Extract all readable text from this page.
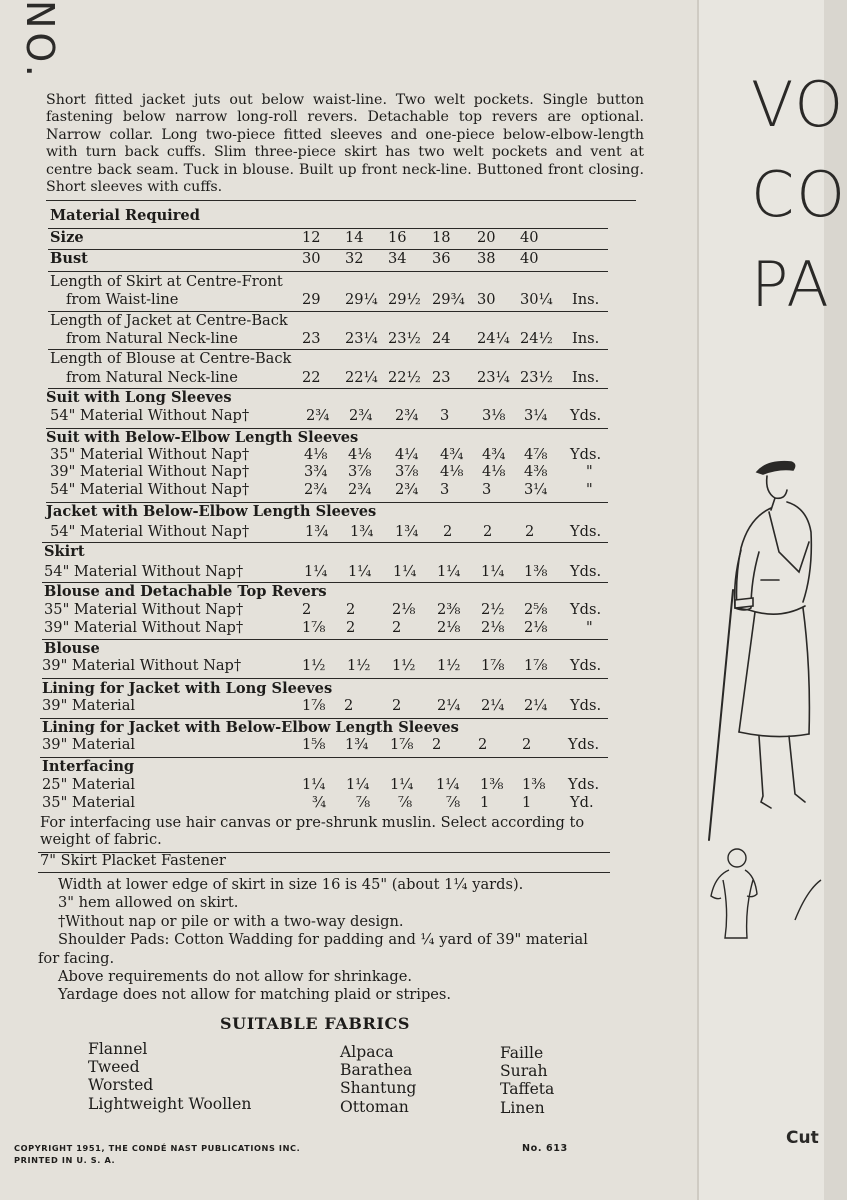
NO.
Short fitted jacket juts out below waist-line. Two welt pockets. Single button fastening below narrow long-roll revers. Detachable top revers are optional. Narrow collar. Long two-piece fitted sleeves and one-piece below-elbow-length with turn back cuffs. Slim three-piece skirt has two welt pockets and vent at centre back seam. Tuck in blouse. Built up front neck-line. Buttoned front closing. Short sleeves with cuffs.
Material Required
Size	12	14	16	18	20	40
Bust	30	32	34	36	38	40
Length of Skirt at Centre-Front
from Waist-line	29	29¼ 29½ 29¾ 30	30¼	Ins.
Length of Jacket at Centre-Back
from Natural Neck-line	23	23¼ 23½ 24	24¼ 24½	Ins.
Length of Blouse at Centre-Back
from Natural Neck-line	22	22¼ 22½ 23	23¼ 23½	Ins.
Suit with Long Sleeves
54" Material Without Nap†	2¾	2¾	2¾	3	3⅛	3¼	Yds.
Suit with Below-Elbow Length Sleeves
35" Material Without Nap†	4⅛	4⅛	4¼	4¾	4¾	4⅞	Yds.
39" Material Without Nap†	3¾	3⅞	3⅞	4⅛	4⅛	4⅜	"
54" Material Without Nap†	2¾	2¾	2¾	3	3	3¼	"
Jacket with Below-Elbow Length Sleeves
54" Material Without Nap†	1¾	1¾	1¾	2	2	2	Yds.
Skirt
54" Material Without Nap†	1¼	1¼	1¼	1¼	1¼	1⅜	Yds.
Blouse and Detachable Top Revers
35" Material Without Nap†	2	2	2⅛	2⅜	2½	2⅝	Yds.
39" Material Without Nap†	1⅞	2	2	2⅛	2⅛	2⅛	"
Blouse
39" Material Without Nap†	1½	1½	1½	1½	1⅞	1⅞	Yds.
Lining for Jacket with Long Sleeves
39" Material	1⅞	2	2	2¼	2¼	2¼	Yds.
Lining for Jacket with Below-Elbow Length Sleeves
39" Material	1⅝	1¾	1⅞	2	2	2	Yds.
Interfacing
25" Material	1¼	1¼	1¼	1¼	1⅜	1⅜	Yds.
35" Material	¾	⅞	⅞	⅞	1	1	Yd.
For interfacing use hair canvas or pre-shrunk muslin. Select according to weight of fabric.
7" Skirt Placket Fastener

Width at lower edge of skirt in size 16 is 45" (about 1¼ yards).

3" hem allowed on skirt.

†Without nap or pile or with a two-way design.

Shoulder Pads: Cotton Wadding for padding and ¼ yard of 39" material for facing.

Above requirements do not allow for shrinkage.

Yardage does not allow for matching plaid or stripes.

SUITABLE FABRICS
Flannel
Tweed
Worsted
Lightweight Woollen
Alpaca
Barathea
Shantung
Ottoman
Faille
Surah
Taffeta
Linen
COPYRIGHT 1951, THE CONDÉ NAST PUBLICATIONS INC.
PRINTED IN U. S. A.
No. 613
VO
CO
PA
Cut
